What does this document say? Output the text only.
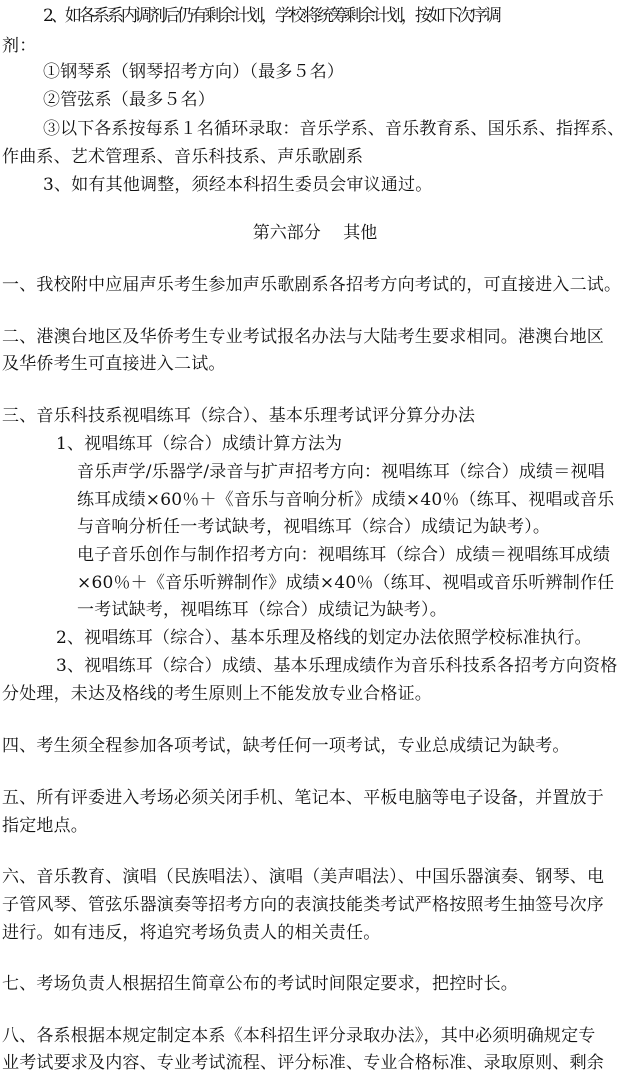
2、如各系系内调剂后仍有剩余计划，学校将统筹剩余计划，按如下次序调
剂：
①钢琴系（钢琴招考方向）（最多５名）
②管弦系（最多５名）
③以下各系按每系１名循环录取：音乐学系、音乐教育系、国乐系、指挥系、
作曲系、艺术管理系、音乐科技系、声乐歌剧系
3、如有其他调整，须经本科招生委员会审议通过。
第六部分　 其他
一、我校附中应届声乐考生参加声乐歌剧系各招考方向考试的，可直接进入二试。
二、港澳台地区及华侨考生专业考试报名办法与大陆考生要求相同。港澳台地区
及华侨考生可直接进入二试。
三、音乐科技系视唱练耳（综合）、基本乐理考试评分算分办法
1、视唱练耳（综合）成绩计算方法为
音乐声学/乐器学/录音与扩声招考方向：视唱练耳（综合）成绩＝视唱
练耳成绩×60％＋《音乐与音响分析》成绩×40％（练耳、视唱或音乐
与音响分析任一考试缺考，视唱练耳（综合）成绩记为缺考）。
电子音乐创作与制作招考方向：视唱练耳（综合）成绩＝视唱练耳成绩
×60％＋《音乐听辨制作》成绩×40％（练耳、视唱或音乐听辨制作任
一考试缺考，视唱练耳（综合）成绩记为缺考）。
2、视唱练耳（综合）、基本乐理及格线的划定办法依照学校标准执行。
3、视唱练耳（综合）成绩、基本乐理成绩作为音乐科技系各招考方向资格
分处理，未达及格线的考生原则上不能发放专业合格证。
四、考生须全程参加各项考试，缺考任何一项考试，专业总成绩记为缺考。
五、所有评委进入考场必须关闭手机、笔记本、平板电脑等电子设备，并置放于
指定地点。
六、音乐教育、演唱（民族唱法）、演唱（美声唱法）、中国乐器演奏、钢琴、电
子管风琴、管弦乐器演奏等招考方向的表演技能类考试严格按照考生抽签号次序
进行。如有违反，将追究考场负责人的相关责任。
七、考场负责人根据招生简章公布的考试时间限定要求，把控时长。
八、各系根据本规定制定本系《本科招生评分录取办法》，其中必须明确规定专
业考试要求及内容、专业考试流程、评分标准、专业合格标准、录取原则、剩余
